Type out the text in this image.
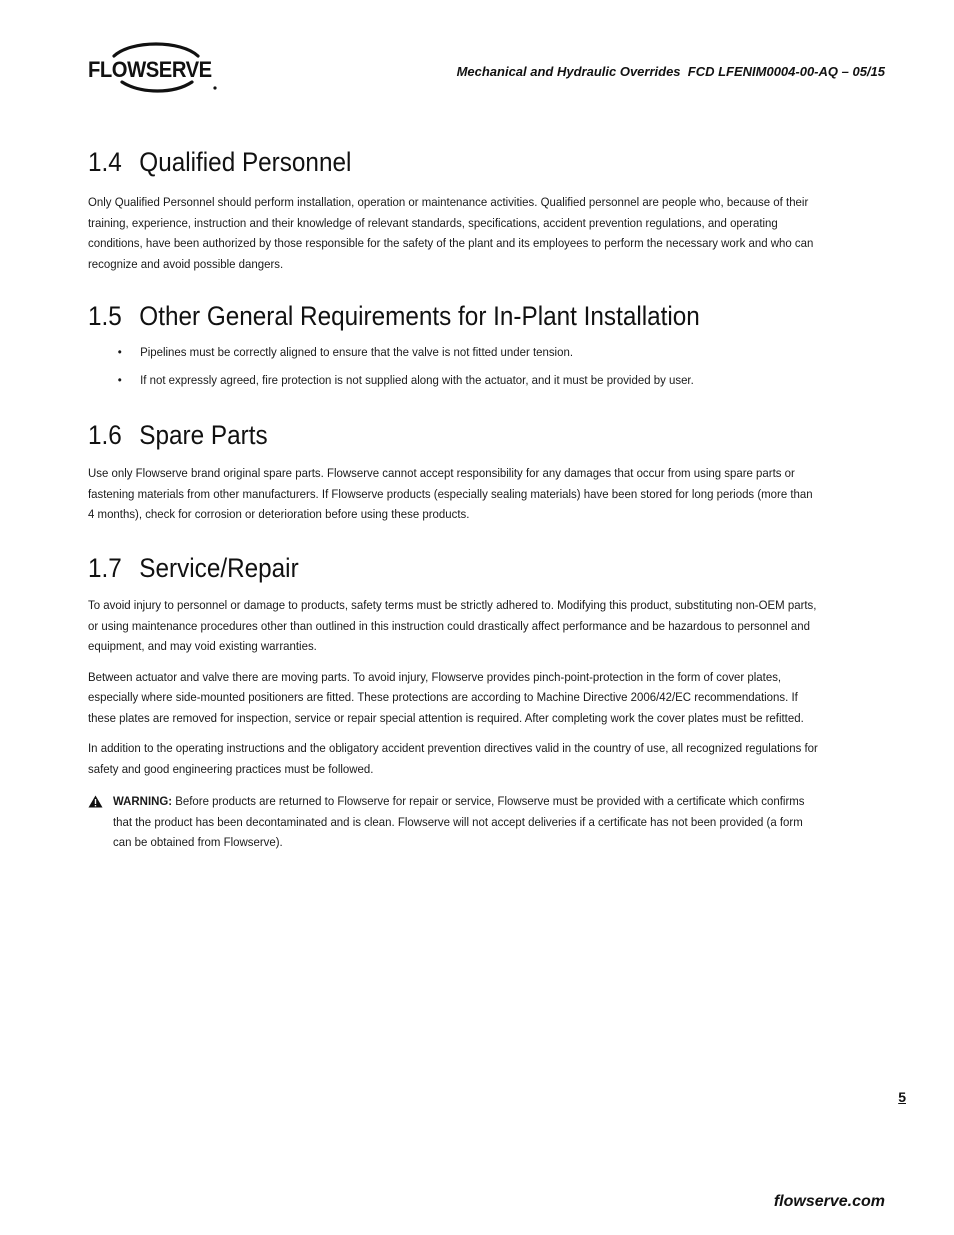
FLOWSERVE	Mechanical and Hydraulic Overrides  FCD LFENIM0004-00-AQ – 05/15
1.4 Qualified Personnel

Only Qualified Personnel should perform installation, operation or maintenance activities. Qualified personnel are people who, because of their training, experience, instruction and their knowledge of relevant standards, specifications, accident prevention regulations, and operating conditions, have been authorized by those responsible for the safety of the plant and its employees to perform the necessary work and who can recognize and avoid possible dangers.

1.5 Other General Requirements for In-Plant Installation
• Pipelines must be correctly aligned to ensure that the valve is not fitted under tension.
• If not expressly agreed, fire protection is not supplied along with the actuator, and it must be provided by user.
1.6 Spare Parts

Use only Flowserve brand original spare parts. Flowserve cannot accept responsibility for any damages that occur from using spare parts or fastening materials from other manufacturers. If Flowserve products (especially sealing materials) have been stored for long periods (more than 4 months), check for corrosion or deterioration before using these products.

1.7 Service/Repair

To avoid injury to personnel or damage to products, safety terms must be strictly adhered to. Modifying this product, substituting non-OEM parts, or using maintenance procedures other than outlined in this instruction could drastically affect performance and be hazardous to personnel and equipment, and may void existing warranties.

Between actuator and valve there are moving parts. To avoid injury, Flowserve provides pinch-point-protection in the form of cover plates, especially where side-mounted positioners are fitted. These protections are according to Machine Directive 2006/42/EC recommendations. If these plates are removed for inspection, service or repair special attention is required. After completing work the cover plates must be refitted.

In addition to the operating instructions and the obligatory accident prevention directives valid in the country of use, all recognized regulations for safety and good engineering practices must be followed.

WARNING: Before products are returned to Flowserve for repair or service, Flowserve must be provided with a certificate which confirms that the product has been decontaminated and is clean. Flowserve will not accept deliveries if a certificate has not been provided (a form can be obtained from Flowserve).

5
flowserve.com
